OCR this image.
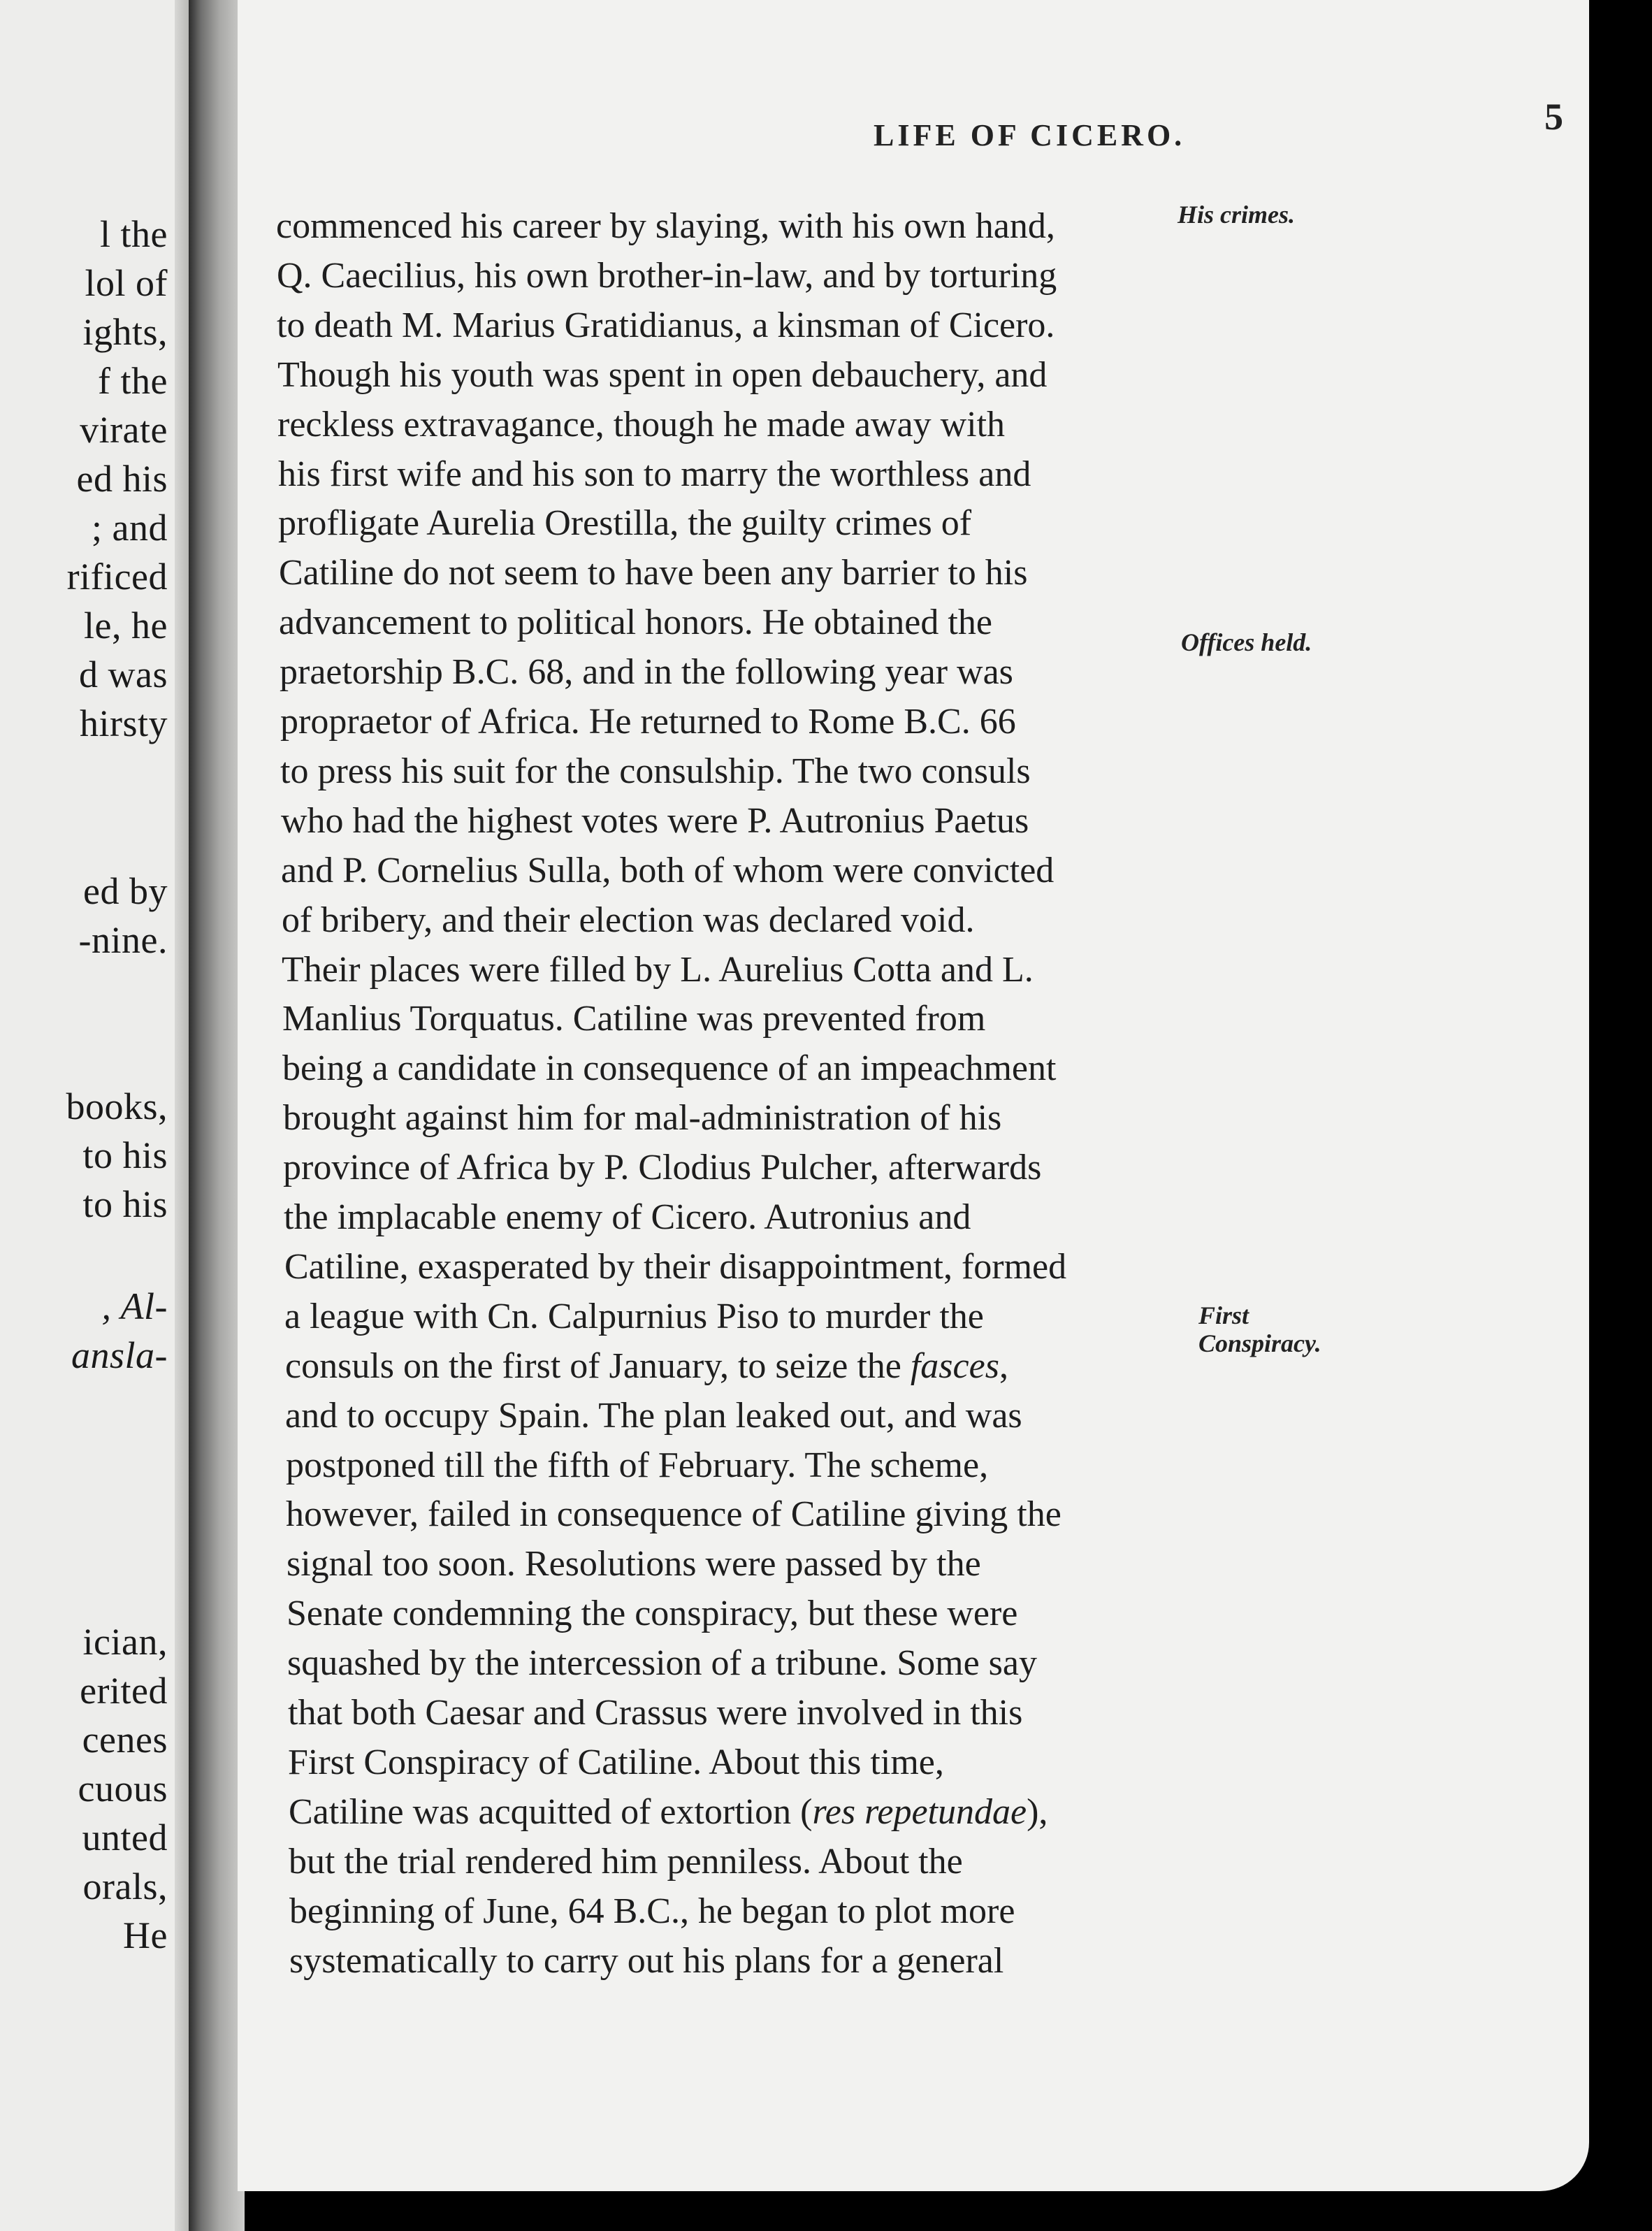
l the
lol of
ights,
f the
virate
ed his
; and
rificed
le, he
d was
hirsty
ed by
-nine.
books,
to his
to his
, Al-
ansla-
ician,
erited
cenes
cuous
unted
orals,
He
LIFE OF CICERO.	5
His crimes.
Offices held.
First
Conspiracy.
commenced his career by slaying, with his own hand,
Q. Caecilius, his own brother-in-law, and by torturing
to death M. Marius Gratidianus, a kinsman of Cicero.
Though his youth was spent in open debauchery, and
reckless extravagance, though he made away with
his first wife and his son to marry the worthless and
profligate Aurelia Orestilla, the guilty crimes of
Catiline do not seem to have been any barrier to his
advancement to political honors. He obtained the
praetorship B.C. 68, and in the following year was
propraetor of Africa. He returned to Rome B.C. 66
to press his suit for the consulship. The two consuls
who had the highest votes were P. Autronius Paetus
and P. Cornelius Sulla, both of whom were convicted
of bribery, and their election was declared void.
Their places were filled by L. Aurelius Cotta and L.
Manlius Torquatus. Catiline was prevented from
being a candidate in consequence of an impeachment
brought against him for mal-administration of his
province of Africa by P. Clodius Pulcher, afterwards
the implacable enemy of Cicero. Autronius and
Catiline, exasperated by their disappointment, formed
a league with Cn. Calpurnius Piso to murder the
consuls on the first of January, to seize the fasces,
and to occupy Spain. The plan leaked out, and was
postponed till the fifth of February. The scheme,
however, failed in consequence of Catiline giving the
signal too soon. Resolutions were passed by the
Senate condemning the conspiracy, but these were
squashed by the intercession of a tribune. Some say
that both Caesar and Crassus were involved in this
First Conspiracy of Catiline. About this time,
Catiline was acquitted of extortion (res repetundae),
but the trial rendered him penniless. About the
beginning of June, 64 B.C., he began to plot more
systematically to carry out his plans for a general
